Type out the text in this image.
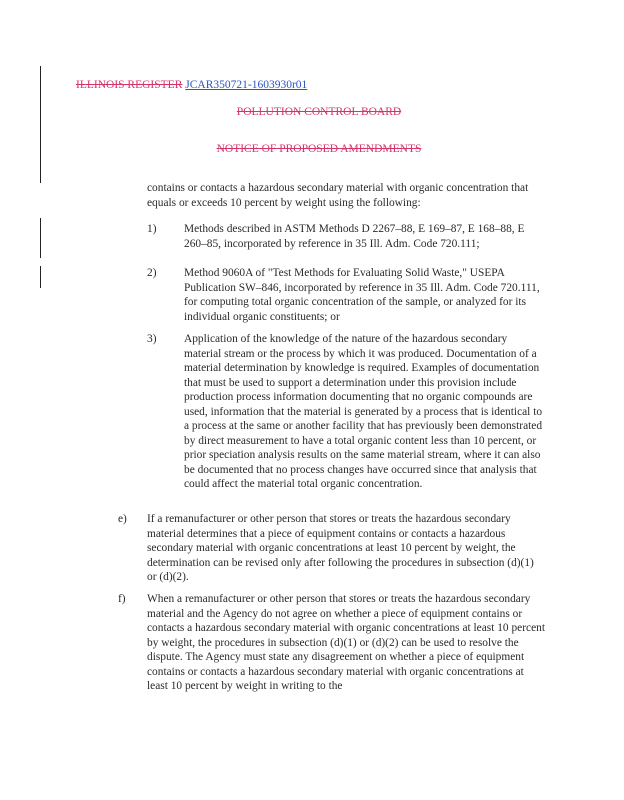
ILLINOIS REGISTER JCAR350721-1603930r01
POLLUTION CONTROL BOARD
NOTICE OF PROPOSED AMENDMENTS
contains or contacts a hazardous secondary material with organic concentration that equals or exceeds 10 percent by weight using the following:
1) Methods described in ASTM Methods D 2267–88, E 169–87, E 168–88, E 260–85, incorporated by reference in 35 Ill. Adm. Code 720.111;
2) Method 9060A of "Test Methods for Evaluating Solid Waste," USEPA Publication SW–846, incorporated by reference in 35 Ill. Adm. Code 720.111, for computing total organic concentration of the sample, or analyzed for its individual organic constituents; or
3) Application of the knowledge of the nature of the hazardous secondary material stream or the process by which it was produced. Documentation of a material determination by knowledge is required. Examples of documentation that must be used to support a determination under this provision include production process information documenting that no organic compounds are used, information that the material is generated by a process that is identical to a process at the same or another facility that has previously been demonstrated by direct measurement to have a total organic content less than 10 percent, or prior speciation analysis results on the same material stream, where it can also be documented that no process changes have occurred since that analysis that could affect the material total organic concentration.
e) If a remanufacturer or other person that stores or treats the hazardous secondary material determines that a piece of equipment contains or contacts a hazardous secondary material with organic concentrations at least 10 percent by weight, the determination can be revised only after following the procedures in subsection (d)(1) or (d)(2).
f) When a remanufacturer or other person that stores or treats the hazardous secondary material and the Agency do not agree on whether a piece of equipment contains or contacts a hazardous secondary material with organic concentrations at least 10 percent by weight, the procedures in subsection (d)(1) or (d)(2) can be used to resolve the dispute. The Agency must state any disagreement on whether a piece of equipment contains or contacts a hazardous secondary material with organic concentrations at least 10 percent by weight in writing to the
